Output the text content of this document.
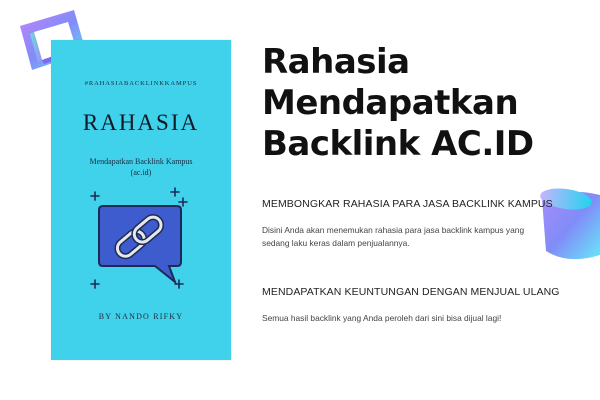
#RAHASIABACKLINKKAMPUS
RAHASIA
Mendapatkan Backlink Kampus
(ac.id)
BY NANDO RIFKY
Rahasia
Mendapatkan
Backlink AC.ID
MEMBONGKAR RAHASIA PARA JASA BACKLINK KAMPUS
Disini Anda akan menemukan rahasia para jasa backlink kampus yang sedang laku keras dalam penjualannya.
MENDAPATKAN KEUNTUNGAN DENGAN MENJUAL ULANG
Semua hasil backlink yang Anda peroleh dari sini bisa dijual lagi!
